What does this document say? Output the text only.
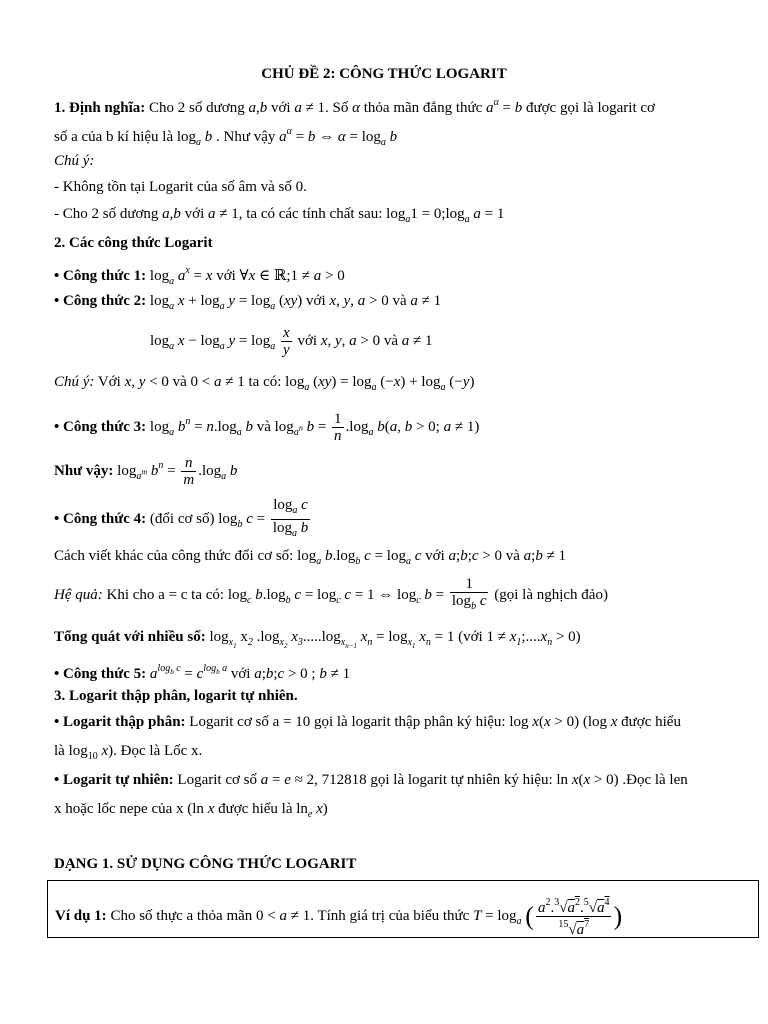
CHỦ ĐỀ 2: CÔNG THỨC LOGARIT
1. Định nghĩa: Cho 2 số dương a,b với a ≠ 1. Số α thỏa mãn đẳng thức $a^\alpha = b$ được gọi là logarit cơ
số a của b kí hiệu là $\log_a b$ . Như vậy $a^\alpha = b$ ⇔ $\alpha = \log_a b$
Chú ý:
- Không tồn tại Logarit của số âm và số 0.
- Cho 2 số dương a,b với a ≠ 1, ta có các tính chất sau: $\log_a1$ = $0;\log_a$ a = 1
2. Các công thức Logarit
• Công thức 1: $\log_a a^x = x$ với ∀x ∈ ℝ;1 ≠ a > 0
• Công thức 2: $\log_a x + \log_a y = \log_a (xy)$ với x, y, a > 0 và a ≠ 1
$\log_a x - \log_a y = \log_a \frac{x}{y}$ với x, y, a > 0 và a ≠ 1
Chú ý: Với x, y < 0 và 0 < a ≠ 1 ta có: $\log_a (xy) = \log_a (-x) + \log_a (-y)$
• Công thức 3: $\log_a b^n = n.\log_a$ b và $\log_{a^n} b = \frac{1}{n} .\log_a$ b(a, b > 0; a ≠ 1)
Như vậy: $\log_{a^m} b^n = \frac{n}{m} .\log_a$ b
• Công thức 4: (đổi cơ số) $\log_b c = \frac{\log_a c}{\log_a b}$
Cách viết khác của công thức đổi cơ số: $\log_a b.\log_b$ $c = \log_a c$ với a;b;c > 0 và a;b ≠ 1
Hệ quả: Khi cho a = c ta có: $\log_c b.\log_b$ $c = \log_c c = 1$ ⇔ $\log_c b = \frac{1}{\log_b c}$ (gọi là nghịch đảo)
Tổng quát với nhiều số: $\log_{x_1} x_2$ $.\log_{x_2}$ $x_3.....\log_{x_{n-1}}$ $x_n = \log_{x_1} x_n = 1$ (với $1 \ne x_1;....x_n > 0$)
• Công thức 5: $a^{log_b c} = c^{log_b a}$ với a;b;c > 0 ; b ≠ 1
3. Logarit thập phân, logarit tự nhiên.
• Logarit thập phân: Logarit cơ số a = 10 gọi là logarit thập phân ký hiệu: log x(x > 0) (log x được hiểu
là $\log_{10} x$). Đọc là Lốc x.
• Logarit tự nhiên: Logarit cơ số a = e ≈ 2, 712818 gọi là logarit tự nhiên ký hiệu: ln x(x > 0) .Đọc là len
x hoặc lốc nepe của x (ln x được hiểu là $\ln_e x$)
DẠNG 1. SỬ DỤNG CÔNG THỨC LOGARIT
Ví dụ 1: Cho số thực a thỏa mãn 0 < a ≠ 1. Tính giá trị của biểu thức $T = \log_a$ ( $\frac{a^2.^3√a^2.^5√a^4}{^{15}√a^7}$ )
